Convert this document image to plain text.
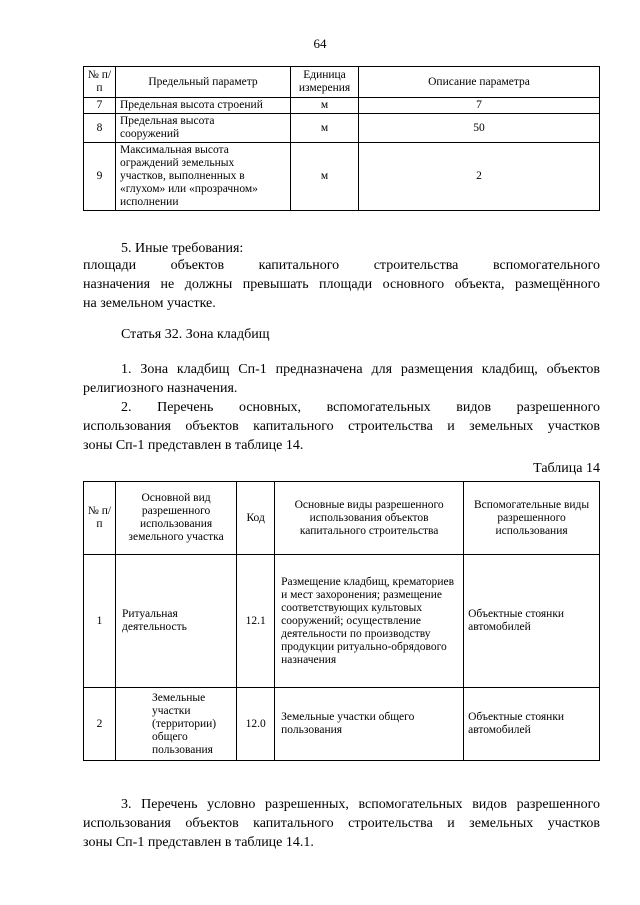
64
№ п/п	Предельный параметр	Единица измерения	Описание параметра
7	Предельная высота строений	м	7
8	Предельная высота сооружений	м	50
9	Максимальная высота ограждений земельных участков, выполненных в «глухом» или «прозрачном» исполнении	м	2
5. Иные требования:
площади объектов капитального строительства вспомогательного
назначения не должны превышать площади основного объекта, размещённого
на земельном участке.
Статья 32. Зона кладбищ
1. Зона кладбищ Сп-1 предназначена для размещения кладбищ, объектов
религиозного назначения.
2. Перечень основных, вспомогательных видов разрешенного
использования объектов капитального строительства и земельных участков
зоны Сп-1 представлен в таблице 14.
Таблица 14
№ п/п	Основной вид разрешенного использования земельного участка	Код	Основные виды разрешенного использования объектов капитального строительства	Вспомогательные виды разрешенного использования
1	Ритуальная деятельность	12.1	Размещение кладбищ, крематориев и мест захоронения; размещение соответствующих культовых сооружений; осуществление деятельности по производству продукции ритуально-обрядового назначения	Объектные стоянки автомобилей
2	Земельные участки (территории) общего пользования	12.0	Земельные участки общего пользования	Объектные стоянки автомобилей
3. Перечень условно разрешенных, вспомогательных видов разрешенного
использования объектов капитального строительства и земельных участков
зоны Сп-1 представлен в таблице 14.1.
